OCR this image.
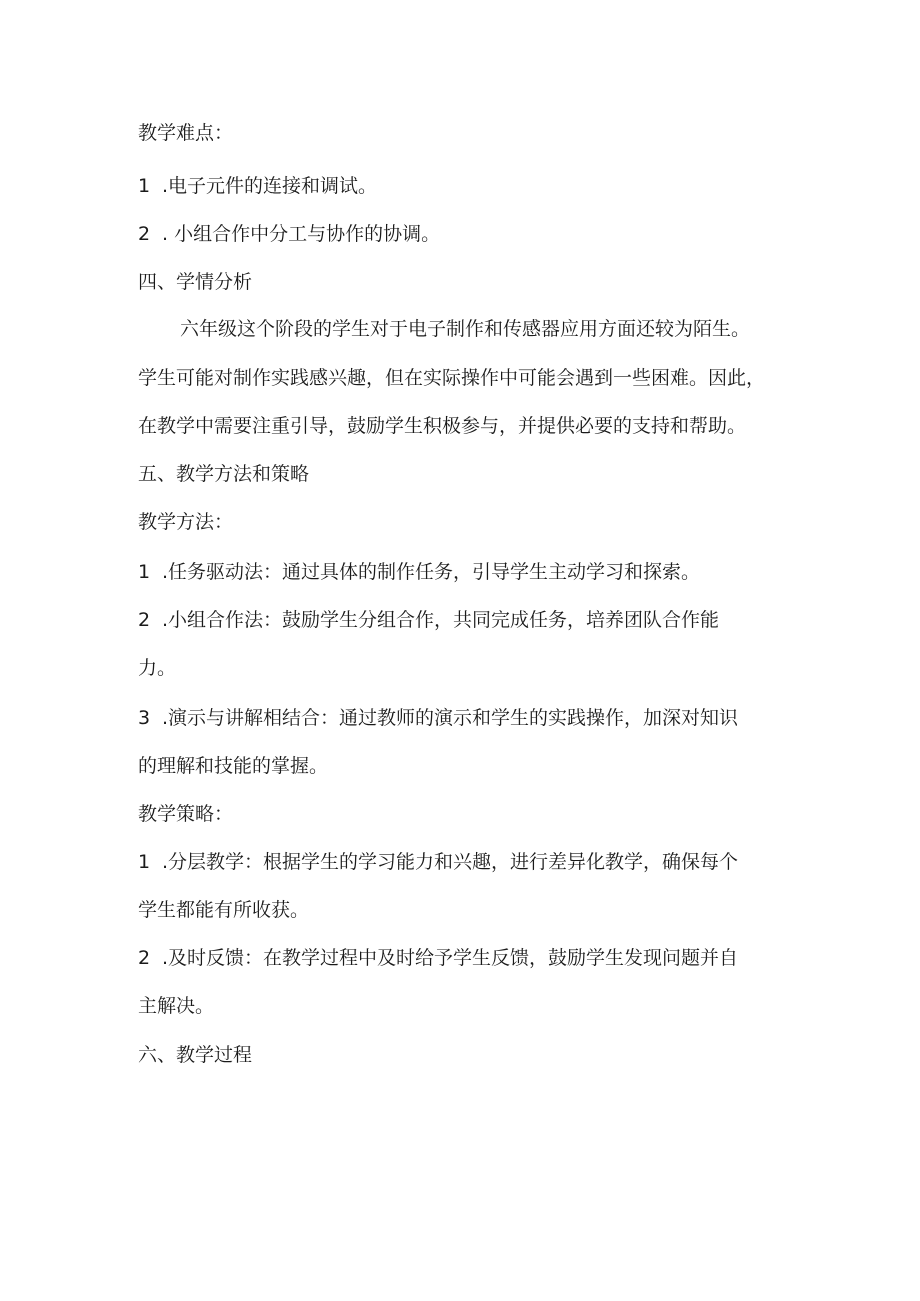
教学难点：
1 .电子元件的连接和调试。
2 . 小组合作中分工与协作的协调。
四、学情分析
六年级这个阶段的学生对于电子制作和传感器应用方面还较为陌生。
学生可能对制作实践感兴趣，但在实际操作中可能会遇到一些困难。因此，
在教学中需要注重引导，鼓励学生积极参与，并提供必要的支持和帮助。
五、教学方法和策略
教学方法：
1 .任务驱动法：通过具体的制作任务，引导学生主动学习和探索。
2 .小组合作法：鼓励学生分组合作，共同完成任务，培养团队合作能
力。
3 .演示与讲解相结合：通过教师的演示和学生的实践操作，加深对知识
的理解和技能的掌握。
教学策略：
1 .分层教学：根据学生的学习能力和兴趣，进行差异化教学，确保每个
学生都能有所收获。
2 .及时反馈：在教学过程中及时给予学生反馈，鼓励学生发现问题并自
主解决。
六、教学过程
